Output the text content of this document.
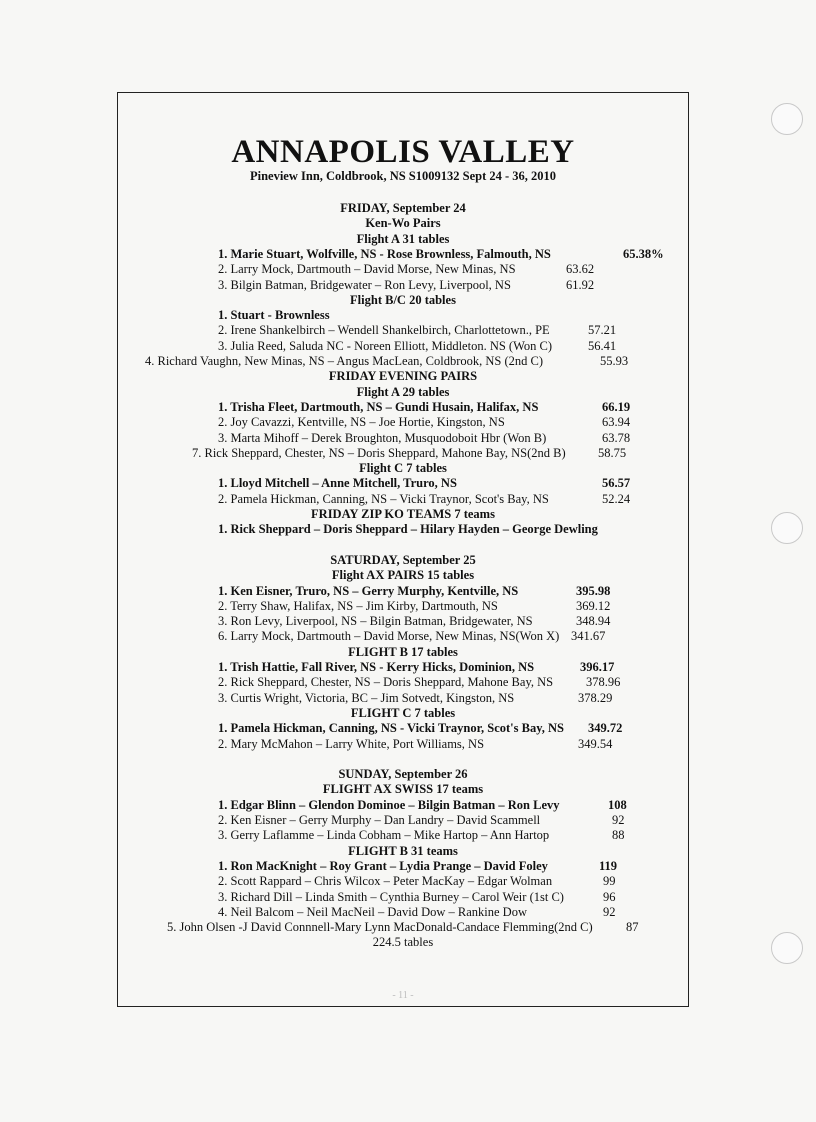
ANNAPOLIS VALLEY
Pineview Inn, Coldbrook, NS S1009132 Sept 24 - 36, 2010
FRIDAY, September 24
Ken-Wo Pairs
Flight A 31 tables
1. Marie Stuart, Wolfville, NS - Rose Brownless, Falmouth, NS	65.38%
2. Larry Mock, Dartmouth – David Morse, New Minas, NS	63.62
3. Bilgin Batman, Bridgewater – Ron Levy, Liverpool, NS	61.92
Flight B/C 20 tables
1. Stuart - Brownless
2. Irene Shankelbirch – Wendell Shankelbirch, Charlottetown., PE	57.21
3. Julia Reed, Saluda NC - Noreen Elliott, Middleton. NS (Won C)	56.41
4. Richard Vaughn, New Minas, NS – Angus MacLean, Coldbrook, NS (2nd C)	55.93
FRIDAY EVENING PAIRS
Flight A 29 tables
1. Trisha Fleet, Dartmouth, NS – Gundi Husain, Halifax, NS	66.19
2. Joy Cavazzi, Kentville, NS – Joe Hortie, Kingston, NS	63.94
3. Marta Mihoff – Derek Broughton, Musquodoboit Hbr (Won B)	63.78
7. Rick Sheppard, Chester, NS – Doris Sheppard, Mahone Bay, NS(2nd B)	58.75
Flight C 7 tables
1. Lloyd Mitchell – Anne Mitchell, Truro, NS	56.57
2. Pamela Hickman, Canning, NS – Vicki Traynor, Scot's Bay, NS	52.24
FRIDAY ZIP KO TEAMS 7 teams
1. Rick Sheppard – Doris Sheppard – Hilary Hayden – George Dewling
SATURDAY, September 25
Flight AX PAIRS 15 tables
1. Ken Eisner, Truro, NS – Gerry Murphy, Kentville, NS	395.98
2. Terry Shaw, Halifax, NS – Jim Kirby, Dartmouth, NS	369.12
3. Ron Levy, Liverpool, NS – Bilgin Batman, Bridgewater, NS	348.94
6. Larry Mock, Dartmouth – David Morse, New Minas, NS(Won X) 341.67
FLIGHT B 17 tables
1. Trish Hattie, Fall River, NS - Kerry Hicks, Dominion, NS	396.17
2. Rick Sheppard, Chester, NS – Doris Sheppard, Mahone Bay, NS	378.96
3. Curtis Wright, Victoria, BC – Jim Sotvedt, Kingston, NS	378.29
FLIGHT C 7 tables
1. Pamela Hickman, Canning, NS - Vicki Traynor, Scot's Bay, NS 349.72
2. Mary McMahon – Larry White, Port Williams, NS	349.54
SUNDAY, September 26
FLIGHT AX SWISS 17 teams
1. Edgar Blinn – Glendon Dominoe – Bilgin Batman – Ron Levy	108
2. Ken Eisner – Gerry Murphy – Dan Landry – David Scammell	92
3. Gerry Laflamme – Linda Cobham – Mike Hartop – Ann Hartop	88
FLIGHT B 31 teams
1. Ron MacKnight – Roy Grant – Lydia Prange – David Foley	119
2. Scott Rappard – Chris Wilcox – Peter MacKay – Edgar Wolman	99
3. Richard Dill – Linda Smith – Cynthia Burney – Carol Weir (1st C)	96
4. Neil Balcom – Neil MacNeil – David Dow – Rankine Dow	92
5. John Olsen -J David Connnell-Mary Lynn MacDonald-Candace Flemming(2nd C)	87
224.5 tables
- 11 -
